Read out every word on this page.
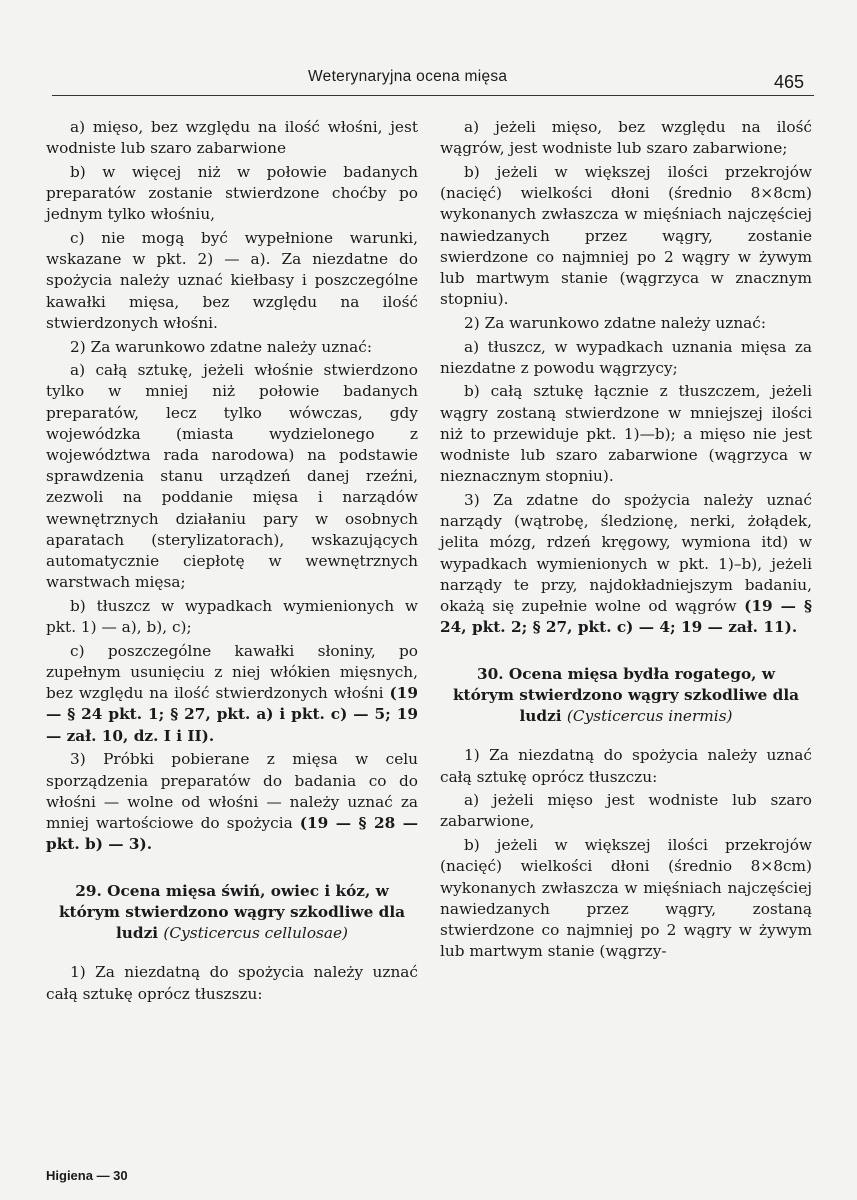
Weterynaryjna ocena mięsa	465

a) mięso, bez względu na ilość włośni, jest wodniste lub szaro zabarwione

b) w więcej niż w połowie badanych preparatów zostanie stwierdzone choćby po jednym tylko włośniu,

c) nie mogą być wypełnione warunki, wskazane w pkt. 2) — a). Za niezdatne do spożycia należy uznać kiełbasy i poszczególne kawałki mięsa, bez względu na ilość stwierdzonych włośni.

2) Za warunkowo zdatne należy uznać:

a) całą sztukę, jeżeli włośnie stwierdzono tylko w mniej niż połowie badanych preparatów, lecz tylko wówczas, gdy wojewódzka (miasta wydzielonego z województwa rada narodowa) na podstawie sprawdzenia stanu urządzeń danej rzeźni, zezwoli na poddanie mięsa i narządów wewnętrznych działaniu pary w osobnych aparatach (sterylizatorach), wskazujących automatycznie ciepłotę w wewnętrznych warstwach mięsa;

b) tłuszcz w wypadkach wymienionych w pkt. 1) — a), b), c);

c) poszczególne kawałki słoniny, po zupełnym usunięciu z niej włókien mięsnych, bez względu na ilość stwierdzonych włośni (19 — § 24 pkt. 1; § 27, pkt. a) i pkt. c) — 5; 19 — zał. 10, dz. I i II).

3) Próbki pobierane z mięsa w celu sporządzenia preparatów do badania co do włośni — wolne od włośni — należy uznać za mniej wartościowe do spożycia (19 — § 28 — pkt. b) — 3).

29. Ocena mięsa świń, owiec i kóz, w którym stwierdzono wągry szkodliwe dla ludzi (Cysticercus cellulosae)

1) Za niezdatną do spożycia należy uznać całą sztukę oprócz tłuszszu:

a) jeżeli mięso, bez względu na ilość wągrów, jest wodniste lub szaro zabarwione;

b) jeżeli w większej ilości przekrojów (nacięć) wielkości dłoni (średnio 8×8cm) wykonanych zwłaszcza w mięśniach najczęściej nawiedzanych przez wągry, zostanie swierdzone co najmniej po 2 wągry w żywym lub martwym stanie (wągrzyca w znacznym stopniu).

2) Za warunkowo zdatne należy uznać:

a) tłuszcz, w wypadkach uznania mięsa za niezdatne z powodu wągrzycy;

b) całą sztukę łącznie z tłuszczem, jeżeli wągry zostaną stwierdzone w mniejszej ilości niż to przewiduje pkt. 1)—b); a mięso nie jest wodniste lub szaro zabarwione (wągrzyca w nieznacznym stopniu).

3) Za zdatne do spożycia należy uznać narządy (wątrobę, śledzionę, nerki, żołądek, jelita mózg, rdzeń kręgowy, wymiona itd) w wypadkach wymienionych w pkt. 1)–b), jeżeli narządy te przy, najdokładniejszym badaniu, okażą się zupełnie wolne od wągrów (19 — § 24, pkt. 2; § 27, pkt. c) — 4; 19 — zał. 11).

30. Ocena mięsa bydła rogatego, w którym stwierdzono wągry szkodliwe dla ludzi (Cysticercus inermis)

1) Za niezdatną do spożycia należy uznać całą sztukę oprócz tłuszczu:

a) jeżeli mięso jest wodniste lub szaro zabarwione,

b) jeżeli w większej ilości przekrojów (nacięć) wielkości dłoni (średnio 8×8cm) wykonanych zwłaszcza w mięśniach najczęściej nawiedzanych przez wągry, zostaną stwierdzone co najmniej po 2 wągry w żywym lub martwym stanie (wągrzy-

Higiena — 30
